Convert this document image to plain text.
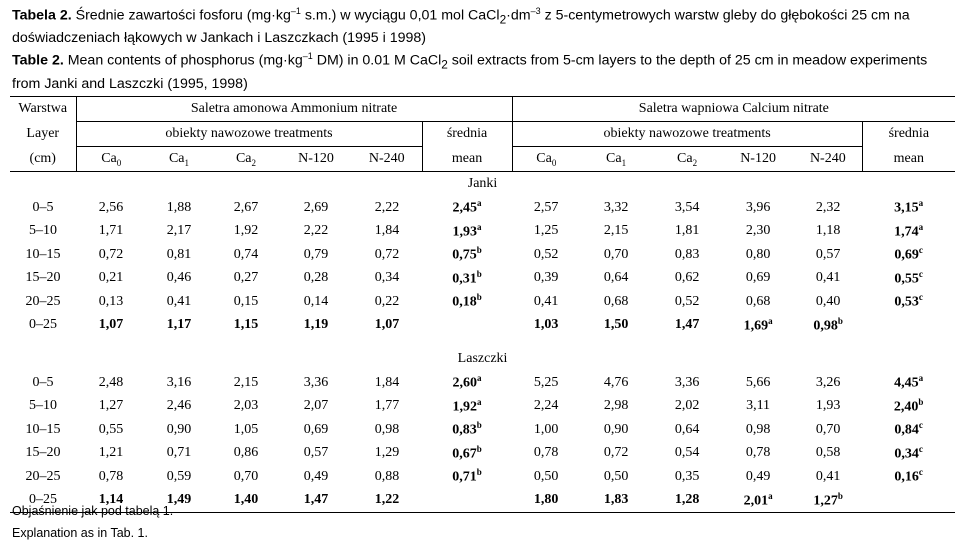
Tabela 2. Średnie zawartości fosforu ($mg\cdot kg^{-1}$ s.m.) w wyciągu 0,01 mol $CaCl_2\cdot dm^{-3}$ z 5-centymetrowych warstw gleby do głębokości 25 cm na doświadczeniach łąkowych w Jankach i Laszczkach (1995 i 1998)
Table 2. Mean contents of phosphorus ($mg\cdot kg^{-1}$ DM) in 0.01 M CaCl$_2$ soil extracts from 5-cm layers to the depth of 25 cm in meadow experiments from Janki and Laszczki (1995, 1998)
Warstwa	Saletra amonowa Ammonium nitrate						Saletra wapniowa Calcium nitrate					
Layer	obiekty nawozowe treatments					średnia	obiekty nawozowe treatments					średnia
(cm)	$Ca_0$	$Ca_1$	$Ca_2$	N-120	N-240	mean	$Ca_0$	$Ca_1$	$Ca_2$	N-120	N-240	mean
Janki												
0–5	2,56	1,88	2,67	2,69	2,22	2,45$^a$	2,57	3,32	3,54	3,96	2,32	3,15$^a$
5–10	1,71	2,17	1,92	2,22	1,84	1,93$^a$	1,25	2,15	1,81	2,30	1,18	1,74$^a$
10–15	0,72	0,81	0,74	0,79	0,72	0,75$^b$	0,52	0,70	0,83	0,80	0,57	0,69$^c$
15–20	0,21	0,46	0,27	0,28	0,34	0,31$^b$	0,39	0,64	0,62	0,69	0,41	0,55$^c$
20–25	0,13	0,41	0,15	0,14	0,22	0,18$^b$	0,41	0,68	0,52	0,68	0,40	0,53$^c$
0–25	1,07	1,17	1,15	1,19	1,07		1,03	1,50	1,47	1,69$^a$	0,98$^b$	

Laszczki												
0–5	2,48	3,16	2,15	3,36	1,84	2,60$^a$	5,25	4,76	3,36	5,66	3,26	4,45$^a$
5–10	1,27	2,46	2,03	2,07	1,77	1,92$^a$	2,24	2,98	2,02	3,11	1,93	2,40$^b$
10–15	0,55	0,90	1,05	0,69	0,98	0,83$^b$	1,00	0,90	0,64	0,98	0,70	0,84$^c$
15–20	1,21	0,71	0,86	0,57	1,29	0,67$^b$	0,78	0,72	0,54	0,78	0,58	0,34$^c$
20–25	0,78	0,59	0,70	0,49	0,88	0,71$^b$	0,50	0,50	0,35	0,49	0,41	0,16$^c$
0–25	1,14	1,49	1,40	1,47	1,22		1,80	1,83	1,28	2,01$^a$	1,27$^b$	
Objaśnienie jak pod tabelą 1.
Explanation as in Tab. 1.
